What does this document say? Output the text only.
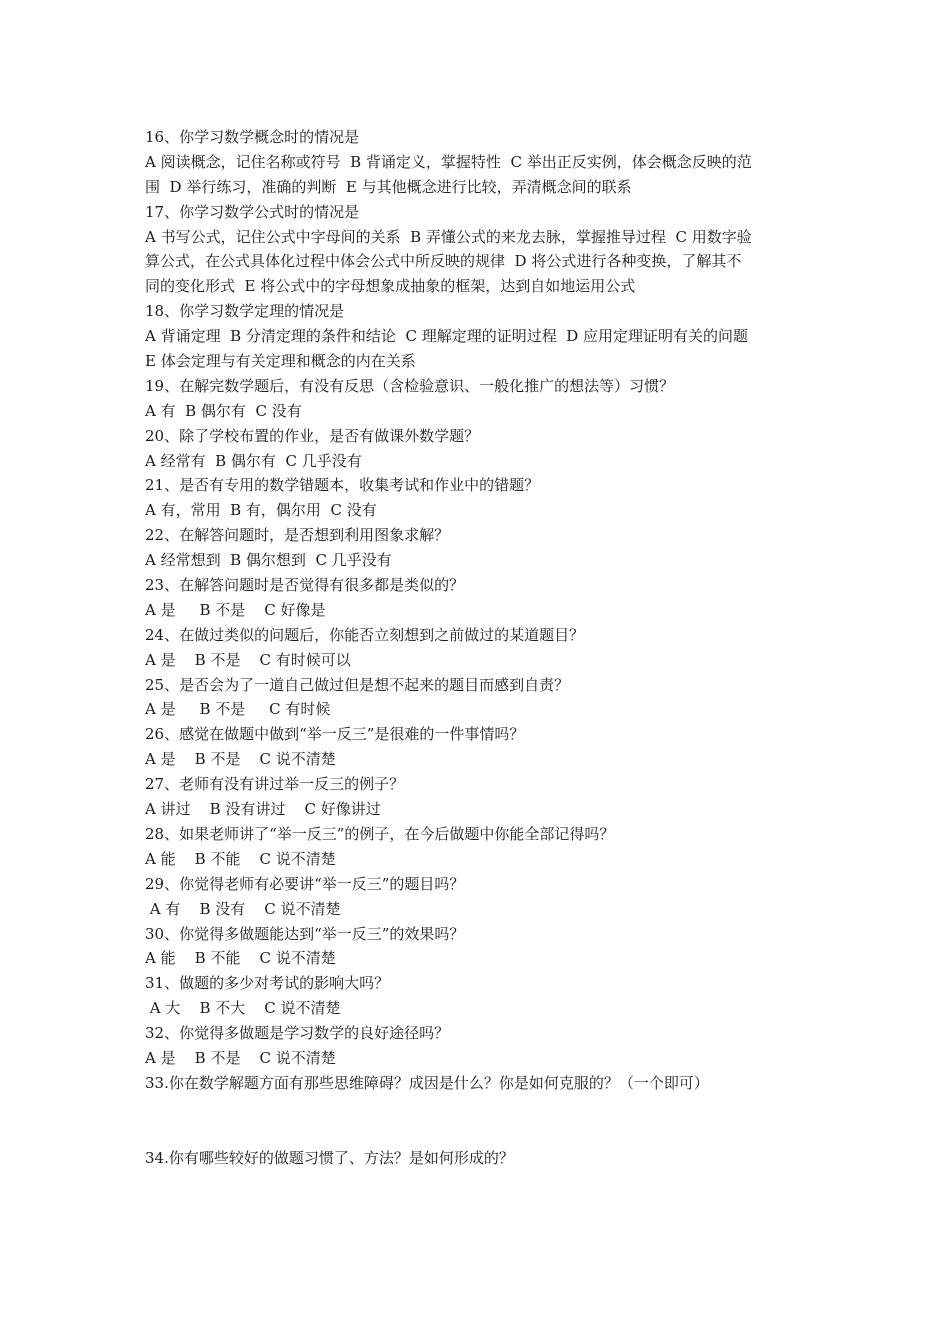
16、你学习数学概念时的情况是
A 阅读概念，记住名称或符号  B 背诵定义，掌握特性  C 举出正反实例，体会概念反映的范
围  D 举行练习，准确的判断  E 与其他概念进行比较，弄清概念间的联系
17、你学习数学公式时的情况是
A 书写公式，记住公式中字母间的关系  B 弄懂公式的来龙去脉，掌握推导过程  C 用数字验
算公式，在公式具体化过程中体会公式中所反映的规律  D 将公式进行各种变换，了解其不
同的变化形式  E 将公式中的字母想象成抽象的框架，达到自如地运用公式
18、你学习数学定理的情况是
A 背诵定理  B 分清定理的条件和结论  C 理解定理的证明过程  D 应用定理证明有关的问题
E 体会定理与有关定理和概念的内在关系
19、在解完数学题后，有没有反思（含检验意识、一般化推广的想法等）习惯？
A 有  B 偶尔有  C 没有
20、除了学校布置的作业，是否有做课外数学题？
A 经常有  B 偶尔有  C 几乎没有
21、是否有专用的数学错题本，收集考试和作业中的错题？
A 有，常用  B 有，偶尔用  C 没有
22、在解答问题时，是否想到利用图象求解？
A 经常想到  B 偶尔想到  C 几乎没有
23、在解答问题时是否觉得有很多都是类似的？
A 是     B 不是    C 好像是
24、在做过类似的问题后，你能否立刻想到之前做过的某道题目？
A 是    B 不是    C 有时候可以
25、是否会为了一道自己做过但是想不起来的题目而感到自责？
A 是     B 不是     C 有时候
26、感觉在做题中做到“举一反三”是很难的一件事情吗？
A 是    B 不是    C 说不清楚
27、老师有没有讲过举一反三的例子？
A 讲过    B 没有讲过    C 好像讲过
28、如果老师讲了“举一反三”的例子，在今后做题中你能全部记得吗？
A 能    B 不能    C 说不清楚
29、你觉得老师有必要讲“举一反三”的题目吗？
A 有    B 没有    C 说不清楚
30、你觉得多做题能达到“举一反三”的效果吗？
A 能    B 不能    C 说不清楚
31、做题的多少对考试的影响大吗？
A 大    B 不大    C 说不清楚
32、你觉得多做题是学习数学的良好途径吗？
A 是    B 不是    C 说不清楚
33.你在数学解题方面有那些思维障碍？成因是什么？你是如何克服的？（一个即可）
34.你有哪些较好的做题习惯了、方法？是如何形成的？
